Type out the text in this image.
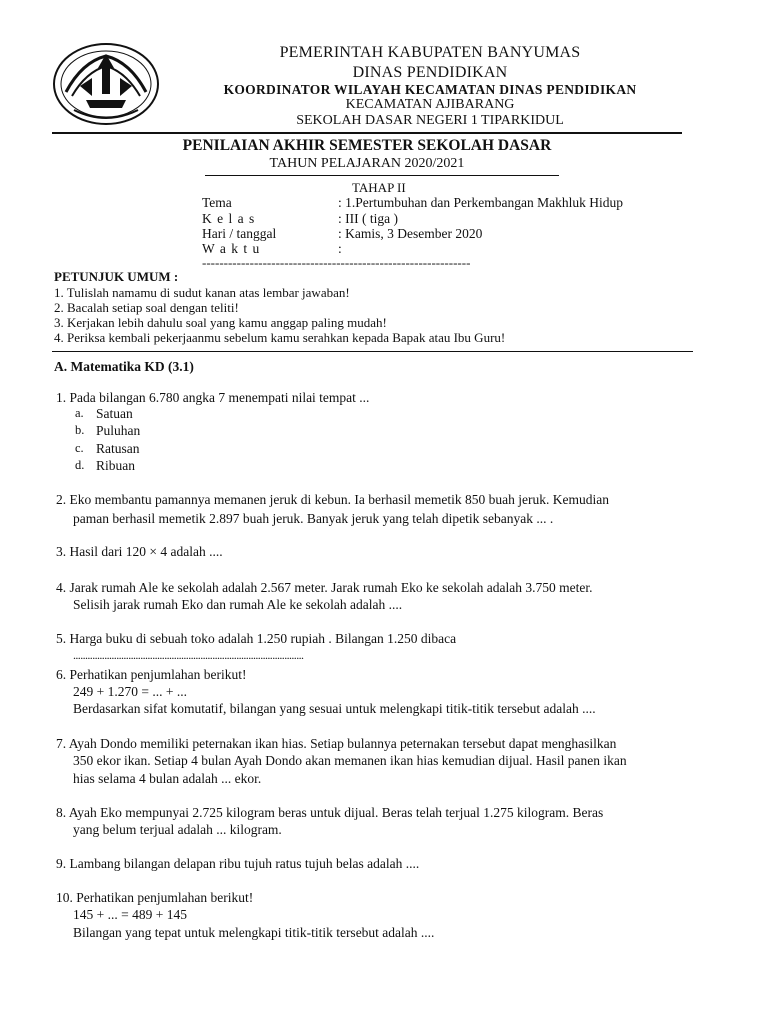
PEMERINTAH KABUPATEN BANYUMAS
DINAS PENDIDIKAN
KOORDINATOR WILAYAH KECAMATAN DINAS PENDIDIKAN
KECAMATAN AJIBARANG
SEKOLAH DASAR NEGERI 1 TIPARKIDUL
PENILAIAN AKHIR SEMESTER SEKOLAH DASAR
TAHUN PELAJARAN 2020/2021
TAHAP II
Tema	: 1.Pertumbuhan dan Perkembangan Makhluk Hidup
K e l a s	: III ( tiga )
Hari / tanggal	: Kamis, 3 Desember 2020
W a k t u	:
--------------------------------------------------------------
PETUNJUK UMUM :
1. Tulislah namamu di sudut kanan atas lembar jawaban!
2. Bacalah setiap soal dengan teliti!
3. Kerjakan lebih dahulu soal yang kamu anggap paling mudah!
4. Periksa kembali pekerjaanmu sebelum kamu serahkan kepada Bapak atau Ibu Guru!
A. Matematika KD (3.1)
1. Pada bilangan 6.780 angka 7 menempati nilai tempat ...
a. Satuan
b. Puluhan
c. Ratusan
d. Ribuan
2. Eko membantu pamannya memanen jeruk di kebun. Ia berhasil memetik 850 buah jeruk. Kemudian
paman berhasil memetik 2.897 buah jeruk. Banyak jeruk yang telah dipetik sebanyak ... .
3. Hasil dari 120 × 4 adalah ....
4. Jarak rumah Ale ke sekolah adalah 2.567 meter. Jarak rumah Eko ke sekolah adalah 3.750 meter.
Selisih jarak rumah Eko dan rumah Ale ke sekolah adalah ....
5. Harga buku di sebuah toko adalah 1.250 rupiah . Bilangan 1.250 dibaca
................................................................................................
6. Perhatikan penjumlahan berikut!
249 + 1.270 = ... + ...
Berdasarkan sifat komutatif, bilangan yang sesuai untuk melengkapi titik-titik tersebut adalah ....
7. Ayah Dondo memiliki peternakan ikan hias. Setiap bulannya peternakan tersebut dapat menghasilkan
350 ekor ikan. Setiap 4 bulan Ayah Dondo akan memanen ikan hias kemudian dijual. Hasil panen ikan
hias selama 4 bulan adalah ... ekor.
8. Ayah Eko mempunyai 2.725 kilogram beras untuk dijual. Beras telah terjual 1.275 kilogram. Beras
yang belum terjual adalah ... kilogram.
9. Lambang bilangan delapan ribu tujuh ratus tujuh belas adalah ....
10. Perhatikan penjumlahan berikut!
145 + ... = 489 + 145
Bilangan yang tepat untuk melengkapi titik-titik tersebut adalah ....
